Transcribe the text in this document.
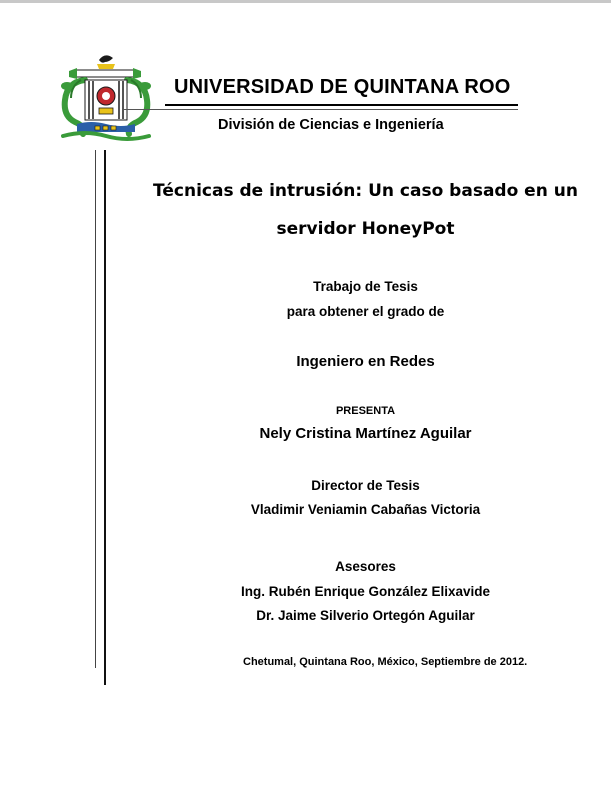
UNIVERSIDAD DE QUINTANA ROO
División de Ciencias e Ingeniería
Técnicas de intrusión: Un caso basado en un
servidor HoneyPot
Trabajo de Tesis
para obtener el grado de
Ingeniero en Redes
PRESENTA
Nely Cristina Martínez Aguilar
Director de Tesis
Vladimir Veniamin Cabañas Victoria
Asesores
Ing. Rubén Enrique González Elixavide
Dr. Jaime Silverio Ortegón Aguilar
Chetumal, Quintana Roo, México, Septiembre de 2012.
